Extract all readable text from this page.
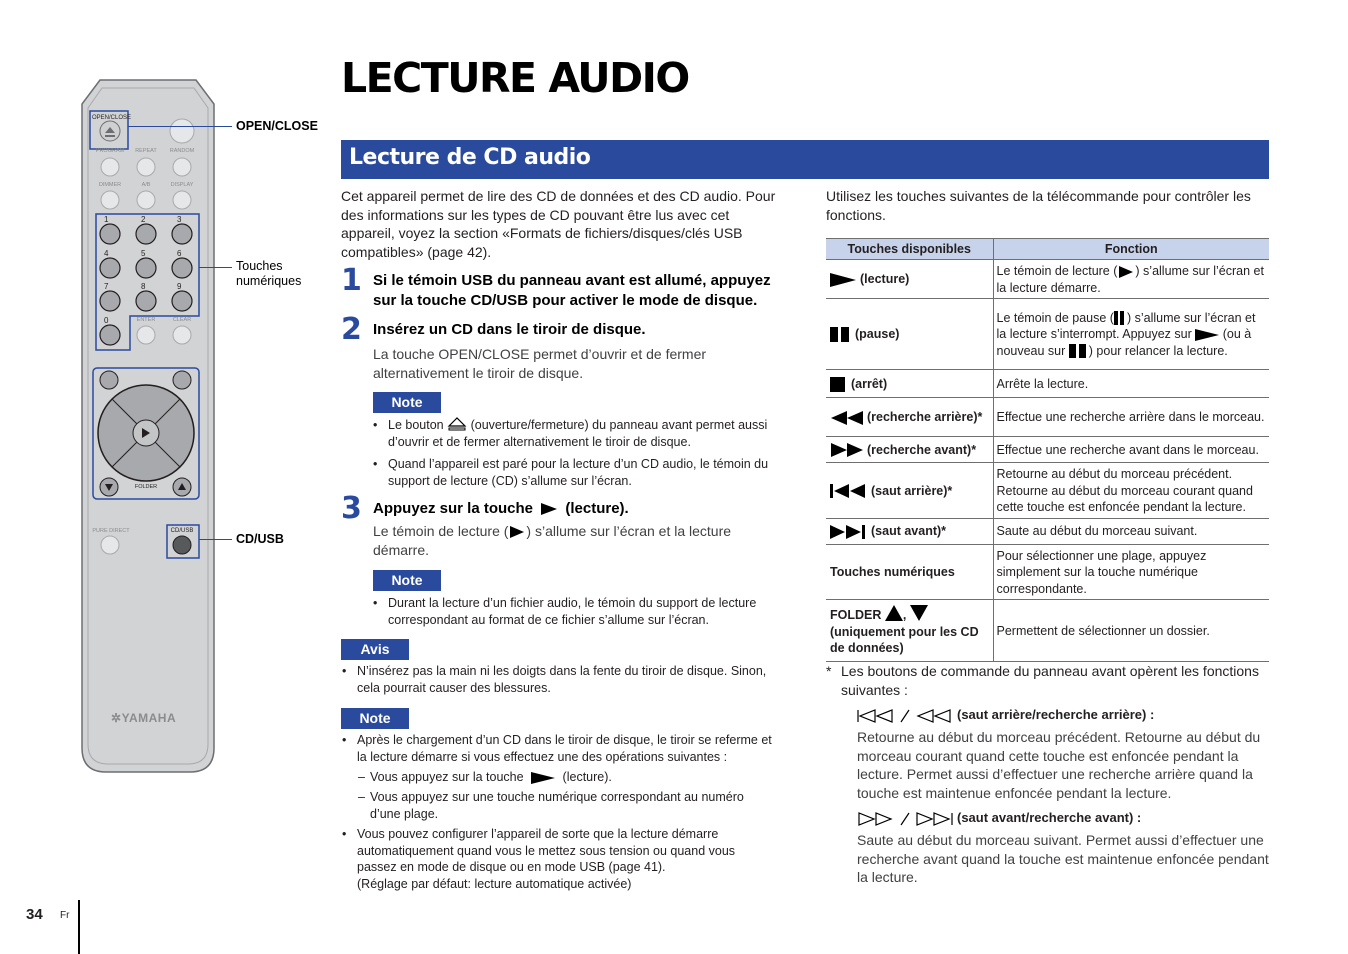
LECTURE AUDIO
Lecture de CD audio
OPEN/CLOSE
PROGRAM	REPEAT	RANDOM
DIMMER	A/B	DISPLAY
1	2	3
4	5	6
7	8	9
0	ENTER	CLEAR
FOLDER
PURE DIRECT	CD/USB
✲YAMAHA
OPEN/CLOSE
Touches numériques
CD/USB
Cet appareil permet de lire des CD de données et des CD audio. Pour des informations sur les types de CD pouvant être lus avec cet appareil, voyez la section «Formats de fichiers/disques/clés USB compatibles» (page 42).
1 Si le témoin USB du panneau avant est allumé, appuyez sur la touche CD/USB pour activer le mode de disque.
2 Insérez un CD dans le tiroir de disque.
La touche OPEN/CLOSE permet d’ouvrir et de fermer alternativement le tiroir de disque.
Note
• Le bouton (ouverture/fermeture) du panneau avant permet aussi d’ouvrir et de fermer alternativement le tiroir de disque.
• Quand l’appareil est paré pour la lecture d’un CD audio, le témoin du support de lecture (CD) s’allume sur l’écran.
3 Appuyez sur la touche (lecture).
Le témoin de lecture ( ) s’allume sur l’écran et la lecture démarre.
Note
• Durant la lecture d’un fichier audio, le témoin du support de lecture correspondant au format de ce fichier s’allume sur l’écran.
Avis
• N’insérez pas la main ni les doigts dans la fente du tiroir de disque. Sinon, cela pourrait causer des blessures.
Note
• Après le chargement d’un CD dans le tiroir de disque, le tiroir se referme et la lecture démarre si vous effectuez une des opérations suivantes :
– Vous appuyez sur la touche	(lecture).
– Vous appuyez sur une touche numérique correspondant au numéro d’une plage.
• Vous pouvez configurer l’appareil de sorte que la lecture démarre automatiquement quand vous le mettez sous tension ou quand vous passez en mode de disque ou en mode USB (page 41).
(Réglage par défaut: lecture automatique activée)
Utilisez les touches suivantes de la télécommande pour contrôler les fonctions.
Touches disponibles	Fonction
(lecture)	Le témoin de lecture ( ) s’allume sur l’écran et la lecture démarre.
(pause)	Le témoin de pause ( ) s’allume sur l’écran et la lecture s’interrompt. Appuyez sur (ou à nouveau sur ) pour relancer la lecture.
(arrêt)	Arrête la lecture.
(recherche arrière)*	Effectue une recherche arrière dans le morceau.
(recherche avant)*	Effectue une recherche avant dans le morceau.
(saut arrière)*	Retourne au début du morceau précédent. Retourne au début du morceau courant quand cette touche est enfoncée pendant la lecture.
(saut avant)*	Saute au début du morceau suivant.
Touches numériques	Pour sélectionner une plage, appuyez simplement sur la touche numérique correspondante.
FOLDER ,
(uniquement pour les CD de données)	Permettent de sélectionner un dossier.
* Les boutons de commande du panneau avant opèrent les fonctions suivantes :
(saut arrière/recherche arrière) :
Retourne au début du morceau précédent. Retourne au début du morceau courant quand cette touche est enfoncée pendant la lecture. Permet aussi d’effectuer une recherche arrière quand la touche est maintenue enfoncée pendant la lecture.
(saut avant/recherche avant) :
Saute au début du morceau suivant. Permet aussi d’effectuer une recherche avant quand la touche est maintenue enfoncée pendant la lecture.
34 Fr
